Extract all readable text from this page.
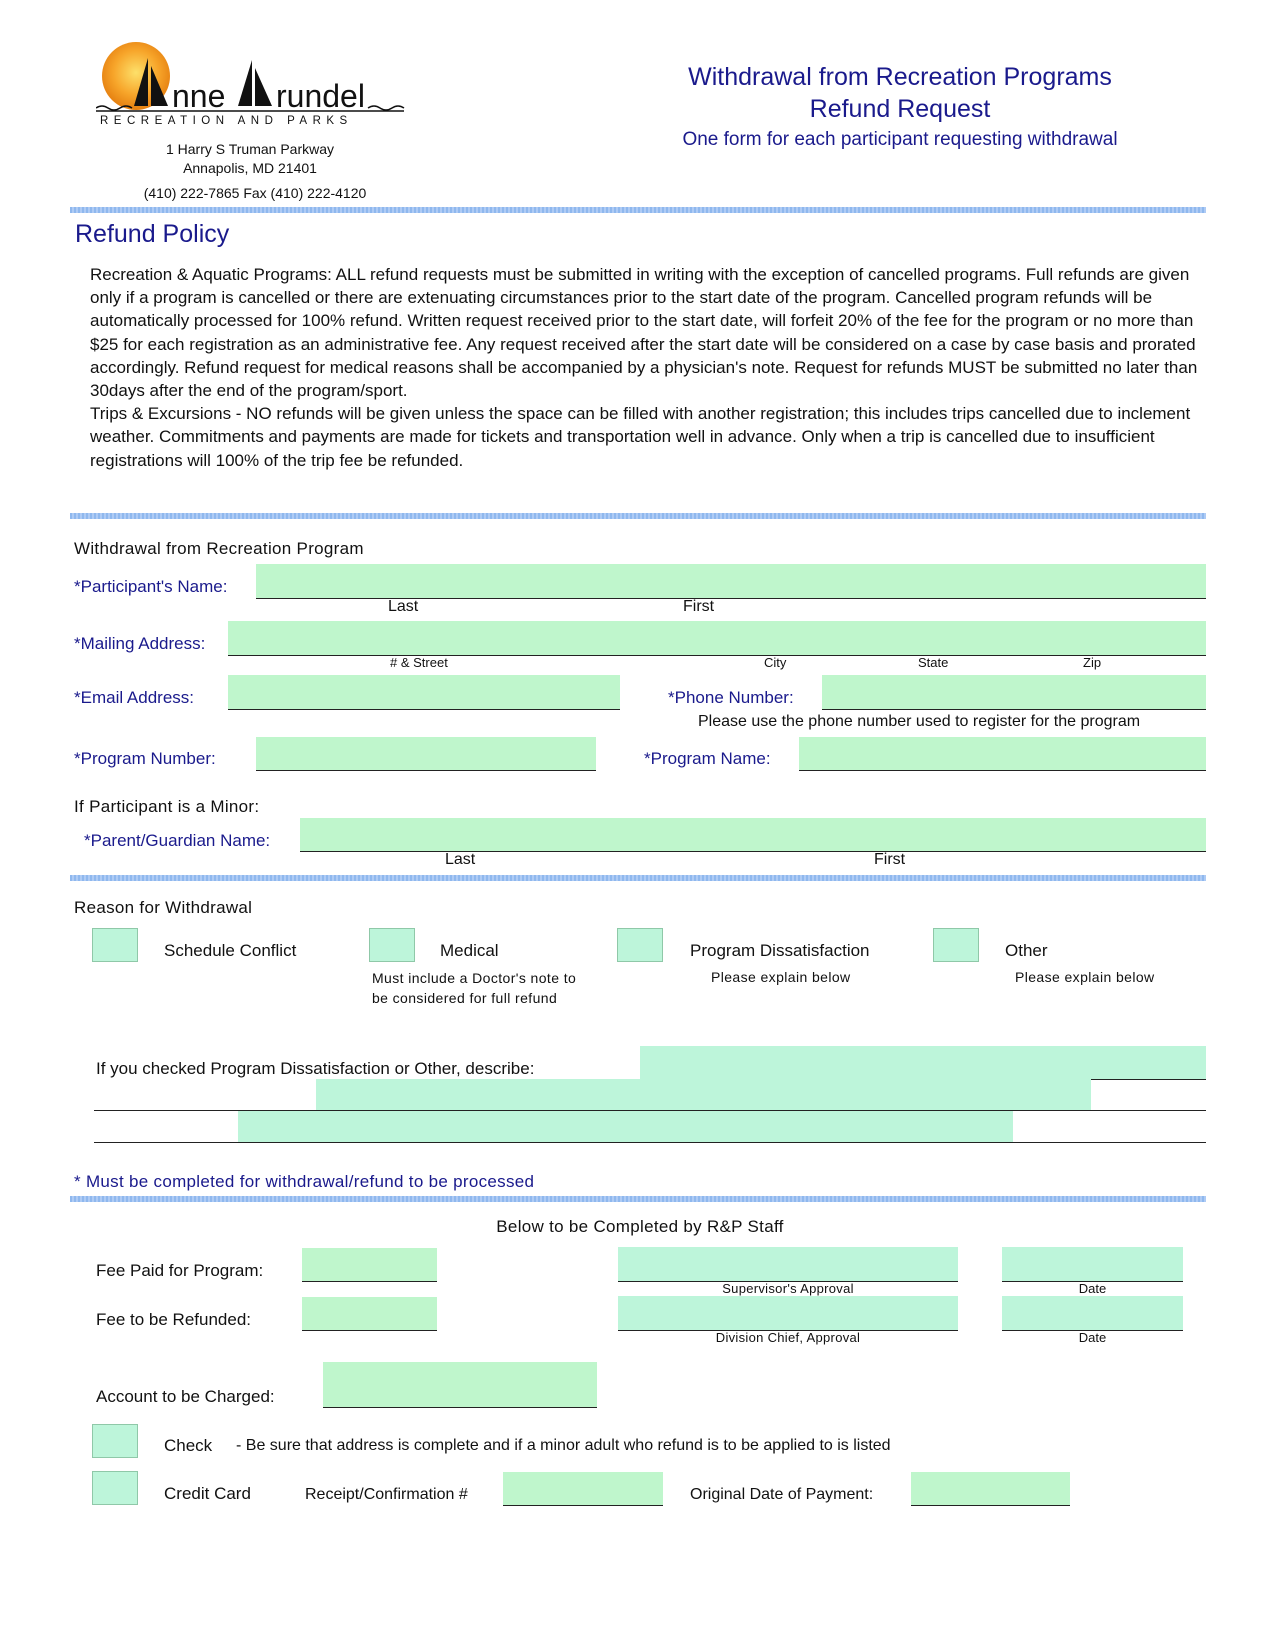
nne rundel
RECREATION AND PARKS
1 Harry S Truman Parkway
Annapolis, MD 21401
(410) 222-7865 Fax (410) 222-4120
Withdrawal from Recreation Programs
Refund Request
One form for each participant requesting withdrawal
Refund Policy

Recreation & Aquatic Programs: ALL refund requests must be submitted in writing with the exception of cancelled programs. Full refunds are given only if a program is cancelled or there are extenuating circumstances prior to the start date of the program. Cancelled program refunds will be automatically processed for 100% refund. Written request received prior to the start date, will forfeit 20% of the fee for the program or no more than $25 for each registration as an administrative fee. Any request received after the start date will be considered on a case by case basis and prorated accordingly. Refund request for medical reasons shall be accompanied by a physician's note. Request for refunds MUST be submitted no later than 30days after the end of the program/sport.

Trips & Excursions - NO refunds will be given unless the space can be filled with another registration; this includes trips cancelled due to inclement weather. Commitments and payments are made for tickets and transportation well in advance. Only when a trip is cancelled due to insufficient registrations will 100% of the trip fee be refunded.

Withdrawal from Recreation Program
*Participant's Name:
Last	First
*Mailing Address:
# & Street	City	State	Zip
*Email Address:	*Phone Number:
Please use the phone number used to register for the program
*Program Number:	*Program Name:
If Participant is a Minor:
*Parent/Guardian Name:
Last	First
Reason for Withdrawal
Schedule Conflict	Medical
Must include a Doctor's note to be considered for full refund
Program Dissatisfaction
Please explain below
Other
Please explain below
If you checked Program Dissatisfaction or Other, describe:
* Must be completed for withdrawal/refund to be processed
Below to be Completed by R&P Staff
Fee Paid for Program:
Supervisor's Approval	Date
Fee to be Refunded:
Division Chief, Approval	Date
Account to be Charged:
Check - Be sure that address is complete and if a minor adult who refund is to be applied to is listed
Credit Card	Receipt/Confirmation #	Original Date of Payment:
